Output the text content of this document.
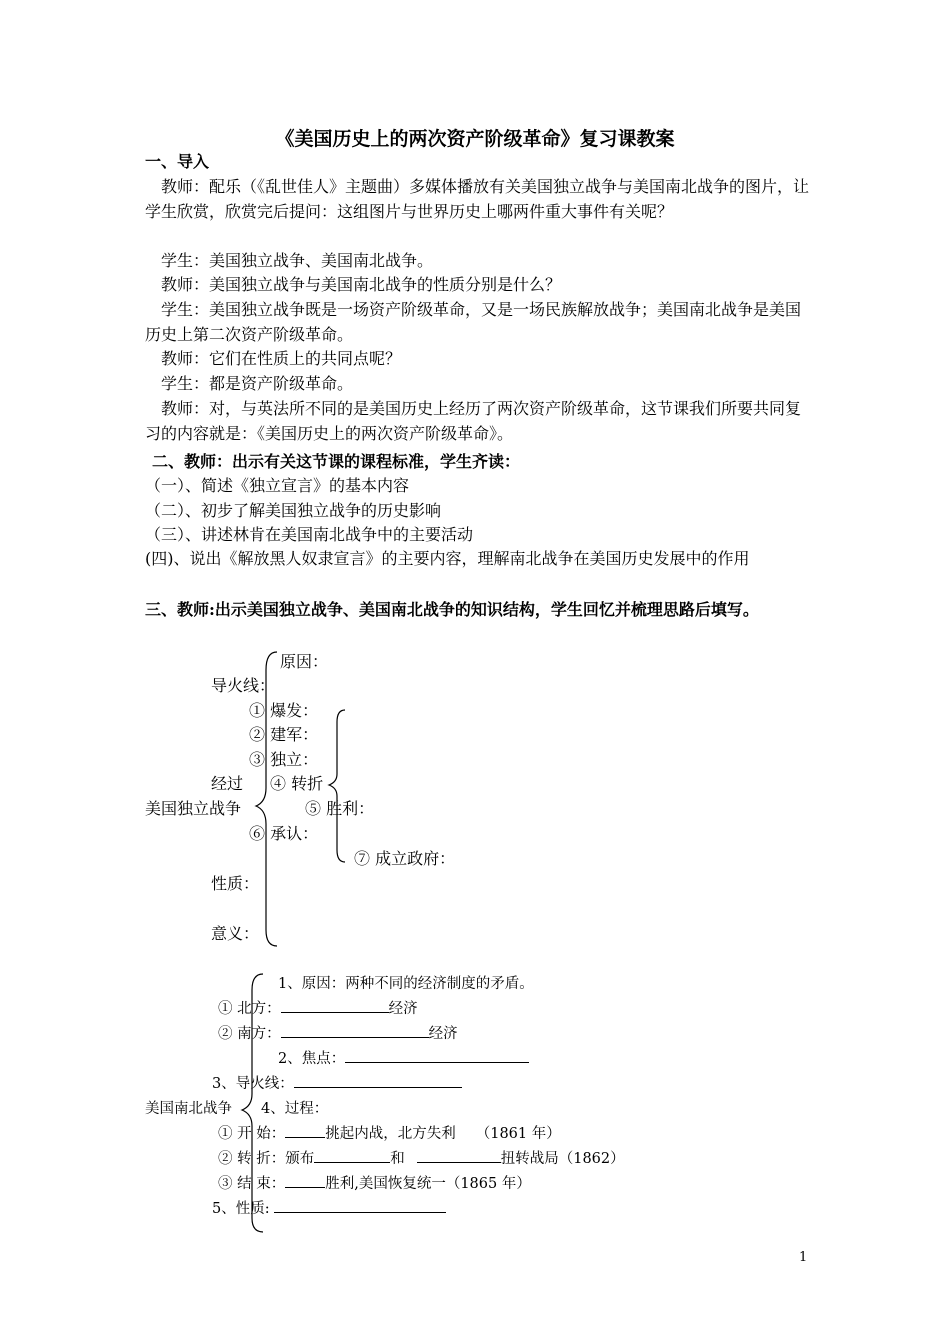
《美国历史上的两次资产阶级革命》复习课教案
一、导入
教师：配乐（《乱世佳人》主题曲）多媒体播放有关美国独立战争与美国南北战争的图片，让学生欣赏，欣赏完后提问：这组图片与世界历史上哪两件重大事件有关呢？
学生：美国独立战争、美国南北战争。
教师：美国独立战争与美国南北战争的性质分别是什么？
学生：美国独立战争既是一场资产阶级革命，又是一场民族解放战争；美国南北战争是美国历史上第二次资产阶级革命。
教师：它们在性质上的共同点呢？
学生：都是资产阶级革命。
教师：对，与英法所不同的是美国历史上经历了两次资产阶级革命，这节课我们所要共同复习的内容就是：《美国历史上的两次资产阶级革命》。
二、教师：出示有关这节课的课程标准，学生齐读：
（一）、简述《独立宣言》的基本内容
（二）、初步了解美国独立战争的历史影响
（三）、讲述林肯在美国南北战争中的主要活动
(四)、说出《解放黑人奴隶宣言》的主要内容，理解南北战争在美国历史发展中的作用
三、教师:出示美国独立战争、美国南北战争的知识结构，学生回忆并梳理思路后填写。
原因：
导火线：
① 爆发：
② 建军：
③ 独立：
经过 ④ 转折
美国独立战争	⑤ 胜利：
⑥ 承认：
⑦ 成立政府：
性质：
意义：
1、原因：两种不同的经济制度的矛盾。
① 北方：	经济
② 南方：	经济
2、焦点：
3、导火线：
美国南北战争 4、过程：
① 开 始：	挑起内战，北方失利 （1861 年）
② 转 折：颁布	和	扭转战局（1862）
③ 结 束：	胜利,美国恢复统一（1865 年）
5、性质:
1
